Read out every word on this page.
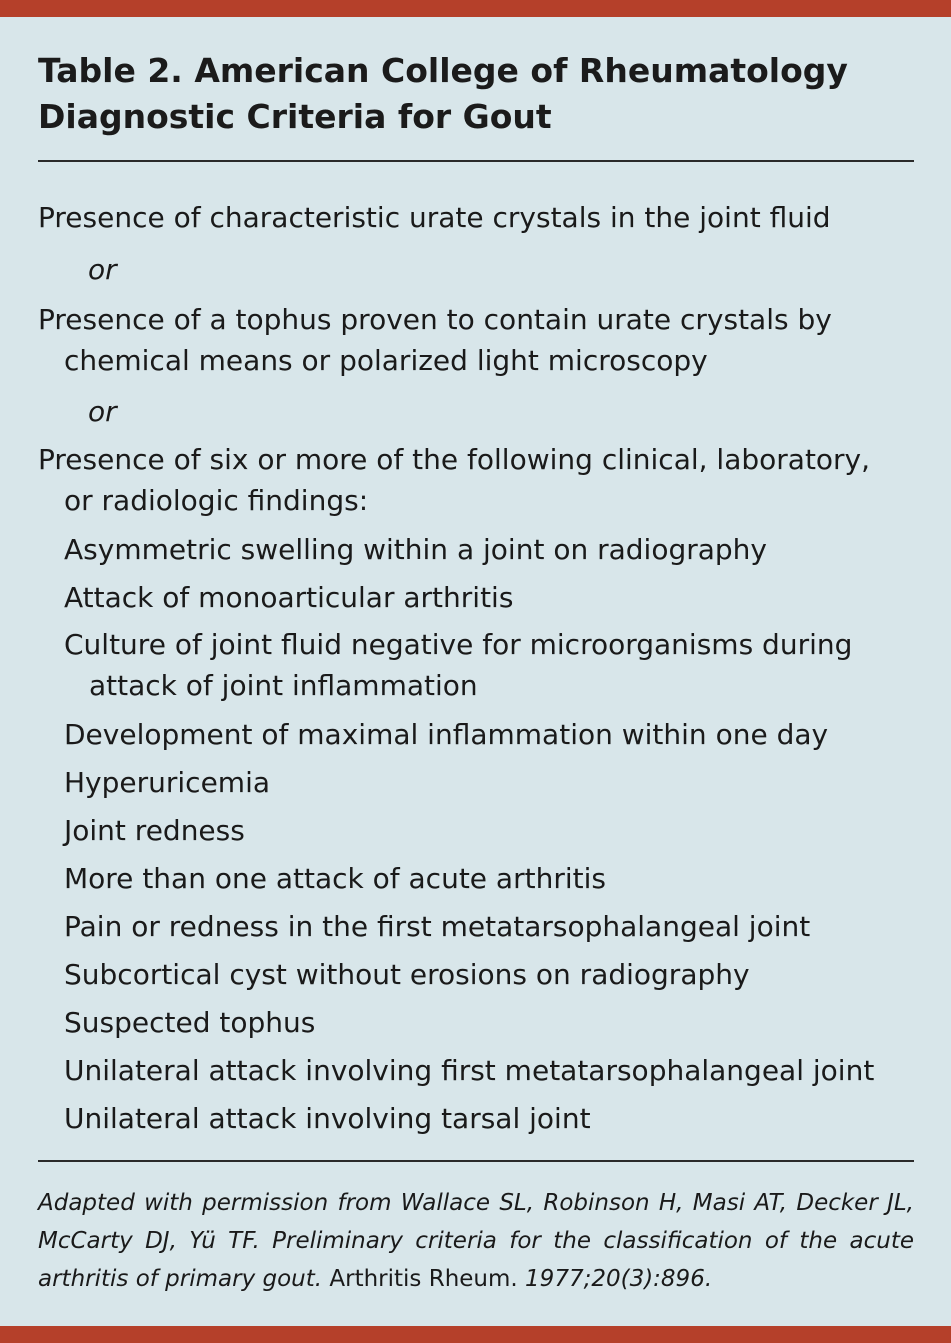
Table 2. American College of Rheumatology
Diagnostic Criteria for Gout
Presence of characteristic urate crystals in the joint fluid
or
Presence of a tophus proven to contain urate crystals by
chemical means or polarized light microscopy
or
Presence of six or more of the following clinical, laboratory,
or radiologic findings:
Asymmetric swelling within a joint on radiography
Attack of monoarticular arthritis
Culture of joint fluid negative for microorganisms during
attack of joint inflammation
Development of maximal inflammation within one day
Hyperuricemia
Joint redness
More than one attack of acute arthritis
Pain or redness in the first metatarsophalangeal joint
Subcortical cyst without erosions on radiography
Suspected tophus
Unilateral attack involving first metatarsophalangeal joint
Unilateral attack involving tarsal joint
Adapted with permission from Wallace SL, Robinson H, Masi AT, Decker JL, McCarty DJ, Yü TF. Preliminary criteria for the classification of the acute arthritis of primary gout. Arthritis Rheum. 1977;20(3):896.
